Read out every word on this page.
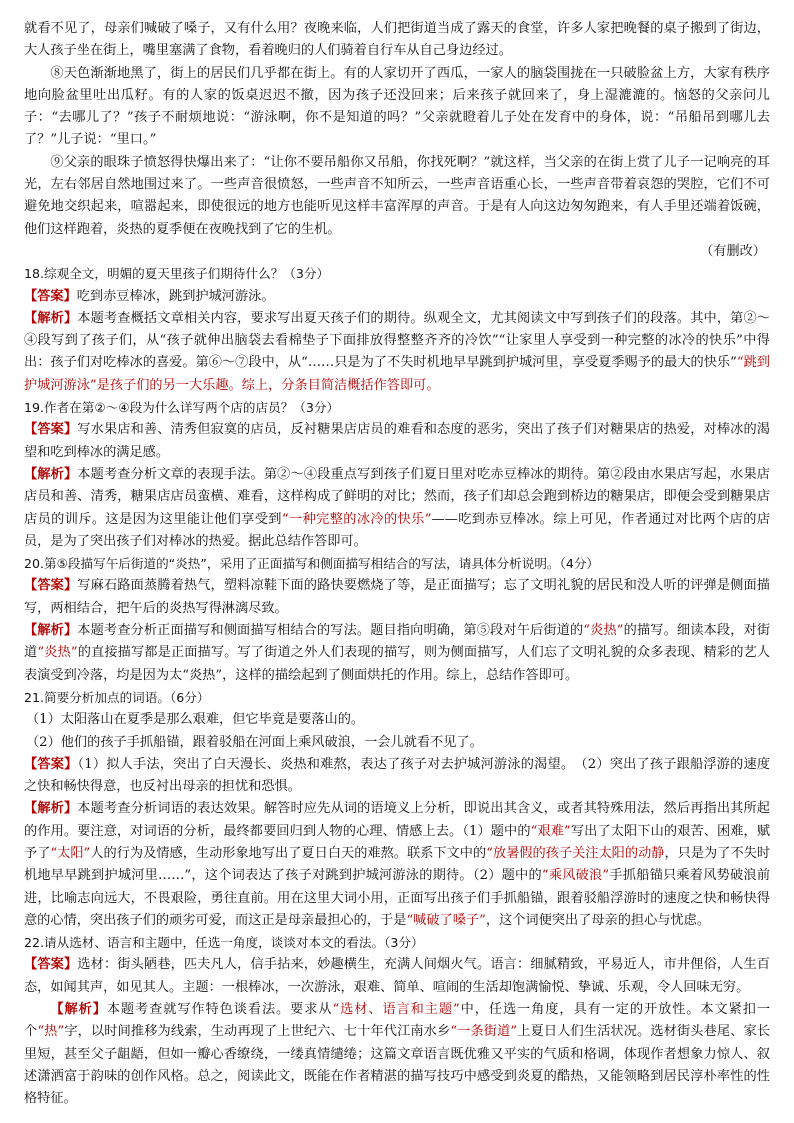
就看不见了，母亲们喊破了嗓子，又有什么用？夜晚来临，人们把街道当成了露天的食堂，许多人家把晚餐的桌子搬到了街边，大人孩子坐在街上，嘴里塞满了食物，看着晚归的人们骑着自行车从自己身边经过。

⑧天色渐渐地黑了，街上的居民们几乎都在街上。有的人家切开了西瓜，一家人的脑袋围拢在一只破脸盆上方，大家有秩序地向脸盆里吐出瓜籽。有的人家的饭桌迟迟不撤，因为孩子还没回来；后来孩子就回来了，身上湿漉漉的。恼怒的父亲问儿子：“去哪儿了？”孩子不耐烦地说：“游泳啊，你不是知道的吗？”父亲就瞪着儿子处在发育中的身体，说：“吊船吊到哪儿去了？”儿子说：“里口。”

⑨父亲的眼珠子愤怒得快爆出来了：“让你不要吊船你又吊船，你找死啊？”就这样，当父亲的在街上赏了儿子一记响亮的耳光，左右邻居自然地围过来了。一些声音很愤怒，一些声音不知所云，一些声音语重心长，一些声音带着哀怨的哭腔，它们不可避免地交织起来，喧嚣起来，即使很远的地方也能听见这样丰富浑厚的声音。于是有人向这边匆匆跑来，有人手里还端着饭碗，他们这样跑着，炎热的夏季便在夜晚找到了它的生机。

（有删改）

18.综观全文，明媚的夏天里孩子们期待什么？（3分）

【答案】吃到赤豆棒冰，跳到护城河游泳。

【解析】本题考查概括文章相关内容，要求写出夏天孩子们的期待。纵观全文，尤其阅读文中写到孩子们的段落。其中，第②～④段写到了孩子们，从“孩子就伸出脑袋去看棉垫子下面排放得整整齐齐的冷饮”“让家里人享受到一种完整的冰冷的快乐”中得出：孩子们对吃棒冰的喜爱。第⑥～⑦段中，从“……只是为了不失时机地早早跳到护城河里，享受夏季赐予的最大的快乐”“跳到护城河游泳”是孩子们的另一大乐趣。综上，分条目简洁概括作答即可。

19.作者在第②～④段为什么详写两个店的店员？（3分）

【答案】写水果店和善、清秀但寂寞的店员，反衬糖果店店员的难看和态度的恶劣，突出了孩子们对糖果店的热爱，对棒冰的渴望和吃到棒冰的满足感。

【解析】本题考查分析文章的表现手法。第②～④段重点写到孩子们夏日里对吃赤豆棒冰的期待。第②段由水果店写起，水果店店员和善、清秀，糖果店店员蛮横、难看，这样构成了鲜明的对比；然而，孩子们却总会跑到桥边的糖果店，即便会受到糖果店店员的训斥。这是因为这里能让他们享受到“一种完整的冰冷的快乐”——吃到赤豆棒冰。综上可见，作者通过对比两个店的店员，是为了突出孩子们对棒冰的热爱。据此总结作答即可。

20.第⑤段描写午后街道的“炎热”，采用了正面描写和侧面描写相结合的写法，请具体分析说明。（4分）

【答案】写麻石路面蒸腾着热气，塑料凉鞋下面的路快要燃烧了等，是正面描写；忘了文明礼貌的居民和没人听的评弹是侧面描写，两相结合，把午后的炎热写得淋漓尽致。

【解析】本题考查分析正面描写和侧面描写相结合的写法。题目指向明确，第⑤段对午后街道的“炎热”的描写。细读本段，对街道“炎热”的直接描写都是正面描写。写了街道之外人们表现的描写，则为侧面描写，人们忘了文明礼貌的众多表现、精彩的艺人表演受到冷落，均是因为太“炎热”，这样的描绘起到了侧面烘托的作用。综上，总结作答即可。

21.简要分析加点的词语。（6分）

（1）太阳落山在夏季是那么艰难，但它毕竟是要落山的。

（2）他们的孩子手抓船锚，跟着驳船在河面上乘风破浪，一会儿就看不见了。

【答案】（1）拟人手法，突出了白天漫长、炎热和难熬，表达了孩子对去护城河游泳的渴望。　（2）突出了孩子跟船浮游的速度之快和畅快得意，也反衬出母亲的担忧和恐惧。

【解析】本题考查分析词语的表达效果。解答时应先从词的语境义上分析，即说出其含义，或者其特殊用法，然后再指出其所起的作用。要注意，对词语的分析，最终都要回归到人物的心理、情感上去。（1）题中的“艰难”写出了太阳下山的艰苦、困难，赋予了“太阳”人的行为及情感，生动形象地写出了夏日白天的难熬。联系下文中的“放暑假的孩子关注太阳的动静，只是为了不失时机地早早跳到护城河里……”，这个词表达了孩子对跳到护城河游泳的期待。（2）题中的“乘风破浪”手抓船锚只乘着风势破浪前进，比喻志向远大，不畏艰险，勇往直前。用在这里大词小用，正面写出孩子们手抓船锚，跟着驳船浮游时的速度之快和畅快得意的心情，突出孩子们的顽劣可爱，而这正是母亲最担心的，于是“喊破了嗓子”，这个词便突出了母亲的担心与忧虑。

22.请从选材、语言和主题中，任选一角度，谈谈对本文的看法。（3分）

【答案】选材：街头陋巷，匹夫凡人，信手拈来，妙趣横生，充满人间烟火气。语言：细腻精致，平易近人，市井俚俗，人生百态，如闻其声，如见其人。主题：一根棒冰，一次游泳，艰难、简单、喧闹的生活却饱满愉悦、挚诚、乐观，令人回味无穷。

【解析】本题考查就写作特色谈看法。要求从“选材、语言和主题”中，任选一角度，具有一定的开放性。本文紧扣一个“热”字，以时间推移为线索，生动再现了上世纪六、七十年代江南水乡“一条街道”上夏日人们生活状况。选材街头巷尾、家长里短，甚至父子龃龉，但如一瓣心香缭绕，一缕真情缱绻；这篇文章语言既优雅又平实的气质和格调，体现作者想象力惊人、叙述潇洒富于韵味的创作风格。总之，阅读此文，既能在作者精湛的描写技巧中感受到炎夏的酷热，又能领略到居民淳朴率性的性格特征。
